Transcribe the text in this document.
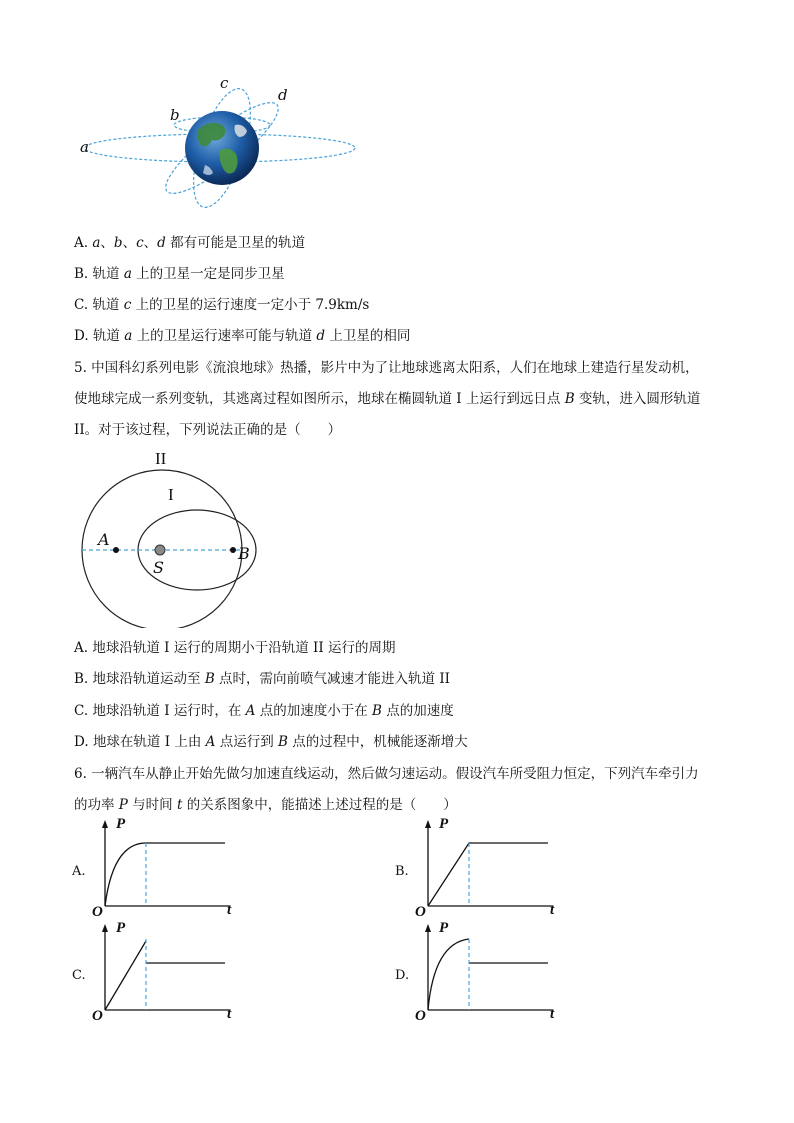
a
b
c
d
A. a、b、c、d 都有可能是卫星的轨道
B. 轨道 a 上的卫星一定是同步卫星
C. 轨道 c 上的卫星的运行速度一定小于 7.9km/s
D. 轨道 a 上的卫星运行速率可能与轨道 d 上卫星的相同
5. 中国科幻系列电影《流浪地球》热播，影片中为了让地球逃离太阳系，人们在地球上建造行星发动机，
使地球完成一系列变轨，其逃离过程如图所示，地球在椭圆轨道 I 上运行到远日点 B 变轨，进入圆形轨道
II。对于该过程，下列说法正确的是（　　）
II
I
A
B
S
A. 地球沿轨道 I 运行的周期小于沿轨道 II 运行的周期
B. 地球沿轨道运动至 B 点时，需向前喷气减速才能进入轨道 II
C. 地球沿轨道 I 运行时，在 A 点的加速度小于在 B 点的加速度
D. 地球在轨道 I 上由 A 点运行到 B 点的过程中，机械能逐渐增大
6. 一辆汽车从静止开始先做匀加速直线运动，然后做匀速运动。假设汽车所受阻力恒定，下列汽车牵引力
的功率 P 与时间 t 的关系图象中，能描述上述过程的是（　　）
A.
P
t
O
B.
P
t
O
C.
P
t
O
D.
P
t
O
